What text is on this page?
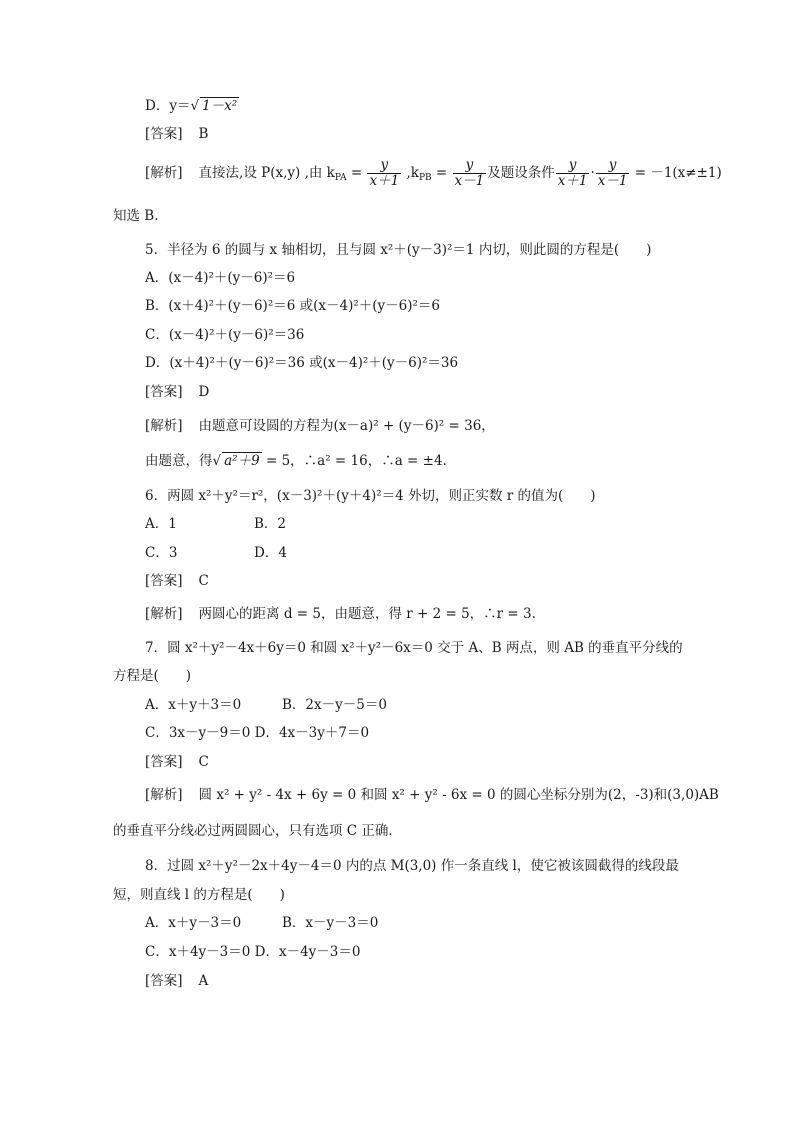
D．y＝√ 1－x²
[答案] B
[解析] 直接法,设 P(x,y) ,由 $k_{PA} = \frac{y}{x+1} ,k_{PB} = \frac{y}{x-1}$ 及题设条件 $\frac{y}{x+1} \cdot \frac{y}{x-1} = -1(x\ne\pm 1)$
知选 B.
5．半径为 6 的圆与 x 轴相切，且与圆 x²＋(y－3)²＝1 内切，则此圆的方程是(　　)
A．(x－4)²＋(y－6)²＝6
B．(x＋4)²＋(y－6)²＝6 或(x－4)²＋(y－6)²＝6
C．(x－4)²＋(y－6)²＝36
D．(x＋4)²＋(y－6)²＝36 或(x－4)²＋(y－6)²＝36
[答案] D
[解析] 由题意可设圆的方程为(x－a)² + (y－6)² = 36，
由题意，得√ a²＋9 = 5，∴a² = 16，∴a = ±4.
6．两圆 x²＋y²＝r²，(x－3)²＋(y＋4)²＝4 外切，则正实数 r 的值为(　　)
A．1	B．2
C．3	D．4
[答案] C
[解析] 两圆心的距离 d = 5，由题意，得 r + 2 = 5，∴r = 3.
7．圆 x²＋y²－4x＋6y＝0 和圆 x²＋y²－6x＝0 交于 A、B 两点，则 AB 的垂直平分线的
方程是(　　)
A．x＋y＋3＝0	B．2x－y－5＝0
C．3x－y－9＝0 D．4x－3y＋7＝0
[答案] C
[解析] 圆 x² + y² - 4x + 6y = 0 和圆 x² + y² - 6x = 0 的圆心坐标分别为(2，-3)和(3,0)AB
的垂直平分线必过两圆圆心，只有选项 C 正确．
8．过圆 x²＋y²－2x＋4y－4＝0 内的点 M(3,0) 作一条直线 l，使它被该圆截得的线段最
短，则直线 l 的方程是(　　)
A．x＋y－3＝0	B．x－y－3＝0
C．x＋4y－3＝0 D．x－4y－3＝0
[答案] A
